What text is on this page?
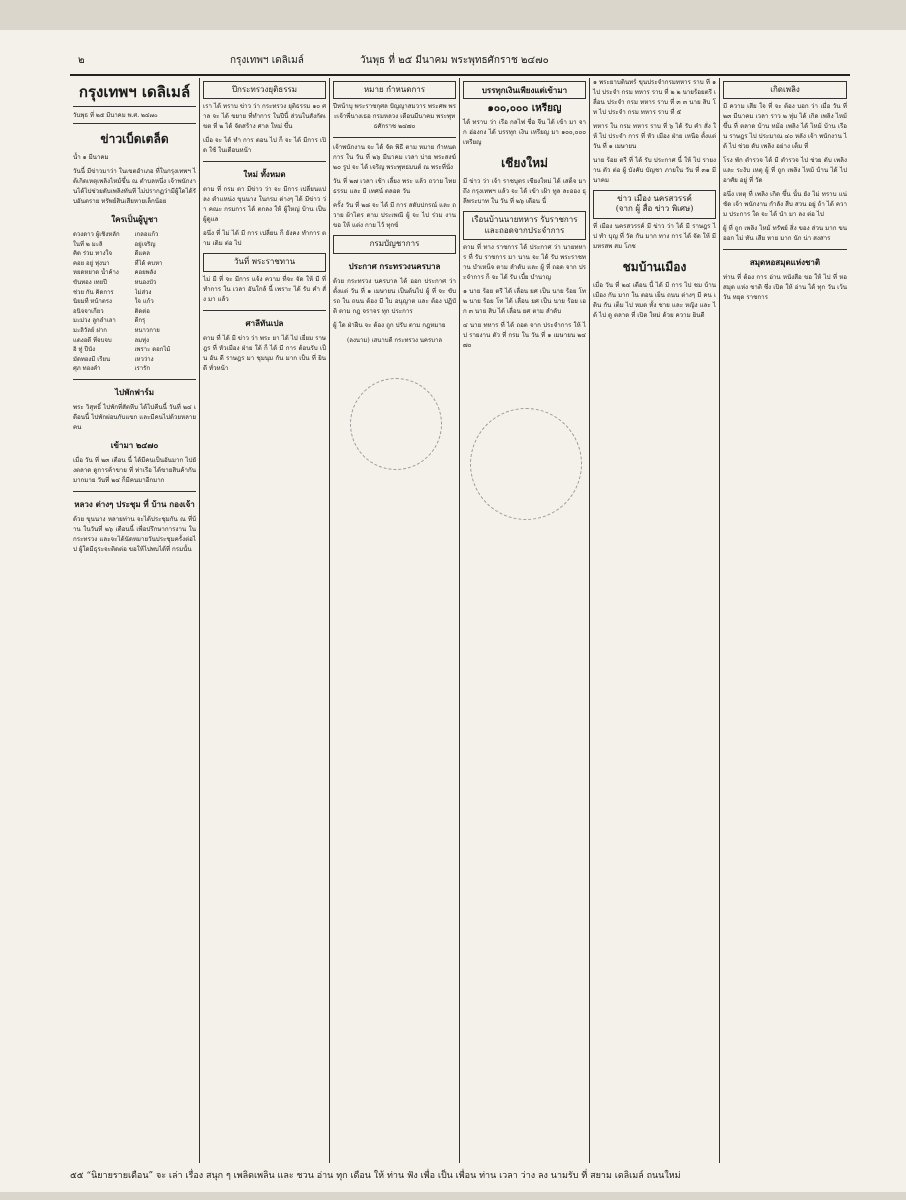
๒	กรุงเทพฯ เดลิเมล์	วันพุธ ที่ ๒๕ มีนาคม พระพุทธศักราช ๒๔๗๐
กรุงเทพฯ เดลิเมล์
วันพุธ ที่ ๒๕ มีนาคม พ.ศ. ๒๔๗๐
ข่าวเบ็ดเตล็ด

น้ำ ๑ มีนาคม

วันนี้ มีข่าวมาว่า ในเขตอำเภอ ที่ในกรุงเทพฯ ได้เกิดเหตุเพลิงไหม้ขึ้น ณ ตำบลหนึ่ง เจ้าพนักงานได้ไปช่วยดับเพลิงทันที ไม่ปรากฏว่ามีผู้ใดได้รับอันตราย ทรัพย์สินเสียหายเล็กน้อย

ใครเป็นผู้บูชา
ดวงดาว ผู้เชิงหลัก	เกลอแก้ว
ในที่ ๒ มะลิ	อยู่เจริญ
คิด ร่วม ทางใจ	ดีแคล
คอย อยู่ ทุ่งนา	ที่ได้ คบหา
หยดหยาด น้ำค้าง	คอยพลัง
ขันทอง เทยปี	หนองบัว
ช่วย กัน คิดการ	ไม่ส่วง
นิยมที่ หน้าตรง	ใจ แก้ว
อนิจจาเกี่ยว	ติดต่อ
มะม่วง ลูกลำเลา	ดีกรุ
มะลิวัลย์ ฝาก	หนาวกาย
แดงอดี ที่จบจบ	ลมทุ่ง
อิ ทู่ ปีนัง	เพราะ ดอกไม้
มัดทองมี เรียน	เหวว่าง
ศุภ ทองคำ	เรารัก
ไปพักฟาร์ม

พระ วิสุทธิ์ ไปพักที่สัตหีบ ได้ไปคืนนี้ วันที่ ๒๔ เดือนนี้ ไปพักผ่อนกับแขก และมีคนไปด้วยหลายคน

เข้ามา ๒๔๗๐

เมื่อ วัน ที่ ๒๓ เดือน นี้ ได้มีคนเป็นอันมาก ไปยังตลาด ดูการค้าขาย ที่ ท่าเรือ ได้ขายสินค้ากันมากมาย วันที่ ๒๔ ก็มีคนมาอีกมาก

หลวง ต่างๆ ประชุม ที่ บ้าน กองเจ้า

ด้วย ขุนนาง หลายท่าน จะได้ประชุมกัน ณ ที่บ้าน ในวันที่ ๒๖ เดือนนี้ เพื่อปรึกษาการงาน ในกระทรวง และจะได้นัดหมายวันประชุมครั้งต่อไป ผู้ใดมีธุระจะติดต่อ ขอให้ไปพบได้ที่ กรมนั้น

ปีกระทรวงยุติธรรม

เรา ได้ ทราบ ข่าว ว่า กระทรวง ยุติธรรม ๑๐ ศาล จะ ได้ ขยาย ที่ทำการ ในปีนี้ ส่วนในสังกัดเขต ที่ ๒ ได้ จัดสร้าง ศาล ใหม่ ขึ้น

เมื่อ จะ ได้ ทำ การ ตอน ไป ก็ จะ ได้ มีการ เปิด ใช้ ในเดือนหน้า

ใหม่ ทั้งหมด

ตาม ที่ กรม ตา มีข่าว ว่า จะ มีการ เปลี่ยนแปลง ตำแหน่ง ขุนนาง ในกรม ต่างๆ ได้ มีข่าว ว่า คณะ กรมการ ได้ ตกลง ให้ ผู้ใหญ่ บ้าน เป็น ผู้ดูแล

อนึ่ง ที่ ไม่ ได้ มี การ เปลี่ยน ก็ ยังคง ทำการ ตาม เดิม ต่อ ไป

วันที่ พระราชทาน

ไม่ มี ที่ จะ มีการ แจ้ง ความ ที่จะ จัด ให้ มี ที่ ทำการ ใน เวลา อันใกล้ นี้ เพราะ ได้ รับ คำ สั่ง มา แล้ว

ศาลีทันเปล

ตาม ที่ ได้ มี ข่าว ว่า พระ ยา ได้ ไป เยี่ยม ราษฎร ที่ หัวเมือง ฝ่าย ใต้ ก็ ได้ มี การ ต้อนรับ เป็น อัน ดี ราษฎร มา ชุมนุม กัน มาก เป็น ที่ ยินดี ทั่วหน้า

หมาย กำหนดการ

ปีหน้าบุ พระราชกุศล ปัญญาสมวาร พระศพ พระเจ้าพี่นางเธอ กรมหลวง เดือนมีนาคม พระพุทธศักราช ๒๔๗๐

เจ้าพนักงาน จะ ได้ จัด พิธี ตาม หมาย กำหนด การ ใน วัน ที่ ๒๖ มีนาคม เวลา บ่าย พระสงฆ์ ๒๐ รูป จะ ได้ เจริญ พระพุทธมนต์ ณ พระที่นั่ง

วัน ที่ ๒๗ เวลา เช้า เลี้ยง พระ แล้ว ถวาย ไทยธรรม และ มี เทศน์ ตลอด วัน

ครั้ง วัน ที่ ๒๘ จะ ได้ มี การ สดับปกรณ์ และ ถวาย ผ้าไตร ตาม ประเพณี ผู้ จะ ไป ร่วม งาน ขอ ให้ แต่ง กาย ไว้ ทุกข์

กรมบัญชาการ
ประกาศ กระทรวงนครบาล

ด้วย กระทรวง นครบาล ได้ ออก ประกาศ ว่า ตั้งแต่ วัน ที่ ๑ เมษายน เป็นต้นไป ผู้ ที่ จะ ขับ รถ ใน ถนน ต้อง มี ใบ อนุญาต และ ต้อง ปฏิบัติ ตาม กฎ จราจร ทุก ประการ

ผู้ ใด ฝ่าฝืน จะ ต้อง ถูก ปรับ ตาม กฎหมาย

(ลงนาม) เสนาบดี กระทรวง นครบาล
บรรทุกเงินเพียงแต่เข้ามา
๑๐๐,๐๐๐ เหรียญ

ได้ ทราบ ว่า เรือ กลไฟ ชื่อ จีน ได้ เข้า มา จาก ฮ่องกง ได้ บรรทุก เงิน เหรียญ มา ๑๐๐,๐๐๐ เหรียญ

เชียงใหม่

มี ข่าว ว่า เจ้า ราชบุตร เชียงใหม่ ได้ เสด็จ มา ถึง กรุงเทพฯ แล้ว จะ ได้ เข้า เฝ้า ทูล ละออง ธุลีพระบาท ใน วัน ที่ ๒๖ เดือน นี้

เรือนบ้านนายทหาร รับราชการและถอดจากประจำการ

ตาม ที่ ทาง ราชการ ได้ ประกาศ ว่า นายทหาร ที่ รับ ราชการ มา นาน จะ ได้ รับ พระราชทาน บำเหน็จ ตาม ลำดับ และ ผู้ ที่ ถอด จาก ประจำการ ก็ จะ ได้ รับ เบี้ย บำนาญ

๑ นาย ร้อย ตรี ได้ เลื่อน ยศ เป็น นาย ร้อย โท ๒ นาย ร้อย โท ได้ เลื่อน ยศ เป็น นาย ร้อย เอก ๓ นาย สิบ ได้ เลื่อน ยศ ตาม ลำดับ

๔ นาย ทหาร ที่ ได้ ถอด จาก ประจำการ ให้ ไป รายงาน ตัว ที่ กรม ใน วัน ที่ ๑ เมษายน ๒๔๗๐

๑ พระยาบดินทร์ ขุนประจำกรมทหาร ราบ ที่ ๑ ไป ประจำ กรม ทหาร ราบ ที่ ๒ ๒ นายร้อยตรี เลื่อน ประจำ กรม ทหาร ราบ ที่ ๓ ๓ นาย สิบ โท ไป ประจำ กรม ทหาร ราบ ที่ ๕

ทหาร ใน กรม ทหาร ราบ ที่ ๖ ได้ รับ คำ สั่ง ให้ ไป ประจำ การ ที่ หัว เมือง ฝ่าย เหนือ ตั้งแต่ วัน ที่ ๑ เมษายน

นาย ร้อย ตรี ที่ ได้ รับ ประกาศ นี้ ให้ ไป รายงาน ตัว ต่อ ผู้ บังคับ บัญชา ภายใน วัน ที่ ๓๑ มีนาคม

ข่าว เมือง นครสวรรค์
(จาก ผู้ สื่อ ข่าว พิเศษ)

ที่ เมือง นครสวรรค์ มี ข่าว ว่า ได้ มี ราษฎร ไป ทำ บุญ ที่ วัด กัน มาก ทาง การ ได้ จัด ให้ มี มหรสพ สม โภช

ชมบ้านเมือง

เมื่อ วัน ที่ ๒๔ เดือน นี้ ได้ มี การ ไป ชม บ้าน เมือง กัน มาก ใน ตอน เย็น ถนน ต่างๆ มี คน เดิน กัน เต็ม ไป หมด ทั้ง ชาย และ หญิง และ ได้ ไป ดู ตลาด ที่ เปิด ใหม่ ด้วย ความ ยินดี

เกิดเพลิง

มี ความ เสีย ใจ ที่ จะ ต้อง บอก ว่า เมื่อ วัน ที่ ๒๓ มีนาคม เวลา ราว ๒ ทุ่ม ได้ เกิด เพลิง ไหม้ ขึ้น ที่ ตลาด บ้าน หม้อ เพลิง ได้ ไหม้ บ้าน เรือน ราษฎร ไป ประมาณ ๔๐ หลัง เจ้า พนักงาน ได้ ไป ช่วย ดับ เพลิง อย่าง เต็ม ที่

โรง พัก ตำรวจ ได้ มี ตำรวจ ไป ช่วย ดับ เพลิง และ ระงับ เหตุ ผู้ ที่ ถูก เพลิง ไหม้ บ้าน ได้ ไป อาศัย อยู่ ที่ วัด

อนึ่ง เหตุ ที่ เพลิง เกิด ขึ้น นั้น ยัง ไม่ ทราบ แน่ ชัด เจ้า พนักงาน กำลัง สืบ สวน อยู่ ถ้า ได้ ความ ประการ ใด จะ ได้ นำ มา ลง ต่อ ไป

ผู้ ที่ ถูก เพลิง ไหม้ ทรัพย์ สิ่ง ของ ส่วน มาก ขน ออก ไม่ ทัน เสีย หาย มาก นัก น่า สงสาร

สมุดหอสมุดแห่งชาติ

ท่าน ที่ ต้อง การ อ่าน หนังสือ ขอ ให้ ไป ที่ หอ สมุด แห่ง ชาติ ซึ่ง เปิด ให้ อ่าน ได้ ทุก วัน เว้น วัน หยุด ราชการ

๕๕ “นิยายรายเดือน” จะ เล่า เรื่อง สนุก ๆ เพลิดเพลิน และ ชวน อ่าน ทุก เดือน ให้ ท่าน ฟัง เพื่อ เป็น เพื่อน ท่าน เวลา ว่าง ลง นามรับ ที่ สยาม เดลิเมล์ ถนนใหม่
